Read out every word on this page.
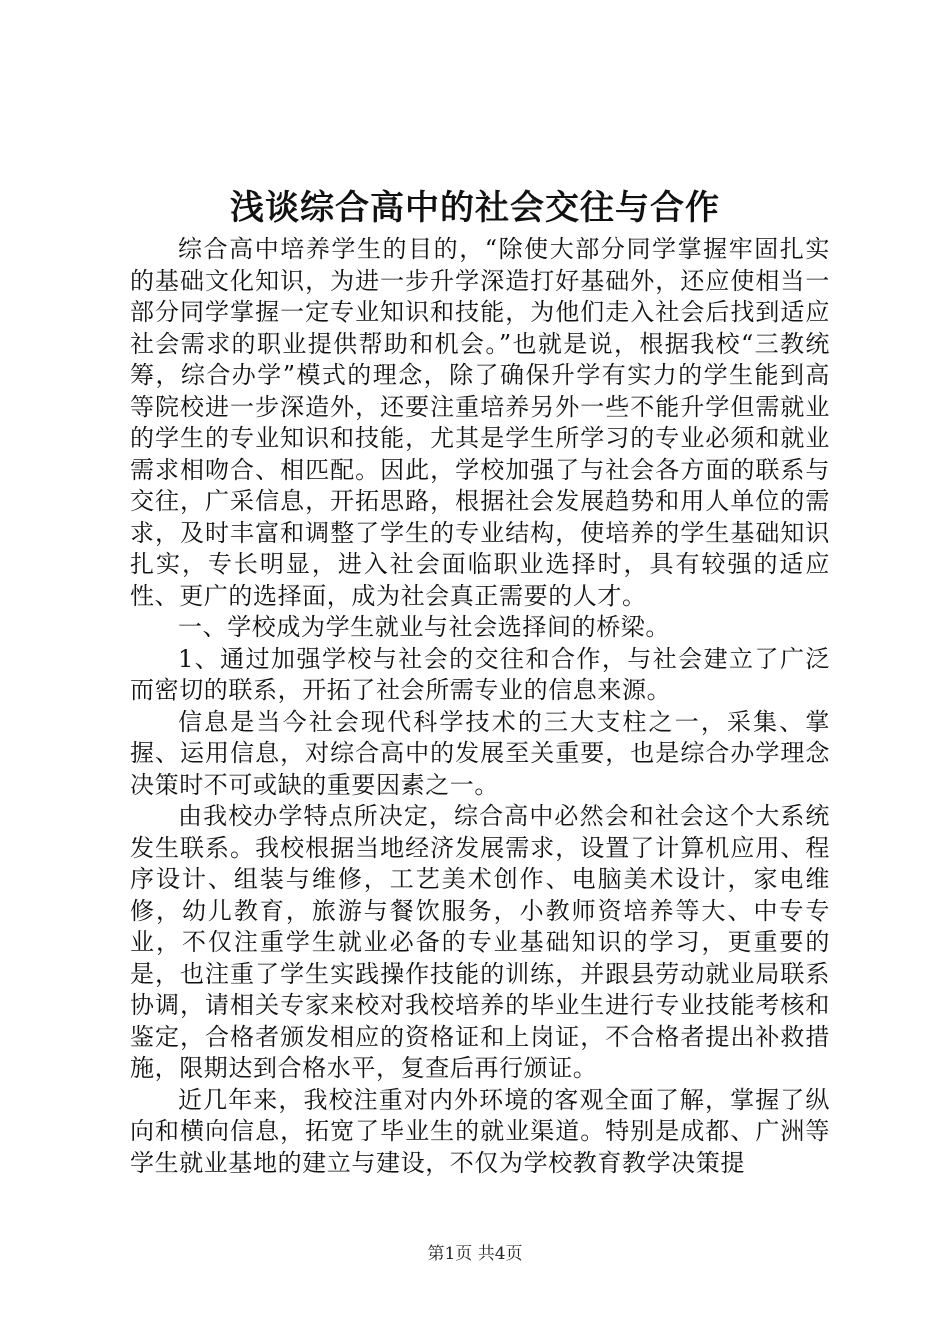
浅谈综合高中的社会交往与合作

综合高中培养学生的目的，“除使大部分同学掌握牢固扎实的基础文化知识，为进一步升学深造打好基础外，还应使相当一部分同学掌握一定专业知识和技能，为他们走入社会后找到适应社会需求的职业提供帮助和机会。”也就是说，根据我校“三教统筹，综合办学”模式的理念，除了确保升学有实力的学生能到高等院校进一步深造外，还要注重培养另外一些不能升学但需就业的学生的专业知识和技能，尤其是学生所学习的专业必须和就业需求相吻合、相匹配。因此，学校加强了与社会各方面的联系与交往，广采信息，开拓思路，根据社会发展趋势和用人单位的需求，及时丰富和调整了学生的专业结构，使培养的学生基础知识扎实，专长明显，进入社会面临职业选择时，具有较强的适应性、更广的选择面，成为社会真正需要的人才。

一、学校成为学生就业与社会选择间的桥梁。

1、通过加强学校与社会的交往和合作，与社会建立了广泛而密切的联系，开拓了社会所需专业的信息来源。

信息是当今社会现代科学技术的三大支柱之一，采集、掌握、运用信息，对综合高中的发展至关重要，也是综合办学理念决策时不可或缺的重要因素之一。

由我校办学特点所决定，综合高中必然会和社会这个大系统发生联系。我校根据当地经济发展需求，设置了计算机应用、程序设计、组装与维修，工艺美术创作、电脑美术设计，家电维修，幼儿教育，旅游与餐饮服务，小教师资培养等大、中专专业，不仅注重学生就业必备的专业基础知识的学习，更重要的是，也注重了学生实践操作技能的训练，并跟县劳动就业局联系协调，请相关专家来校对我校培养的毕业生进行专业技能考核和鉴定，合格者颁发相应的资格证和上岗证，不合格者提出补救措施，限期达到合格水平，复查后再行颁证。

近几年来，我校注重对内外环境的客观全面了解，掌握了纵向和横向信息，拓宽了毕业生的就业渠道。特别是成都、广洲等学生就业基地的建立与建设，不仅为学校教育教学决策提

第1页 共4页
